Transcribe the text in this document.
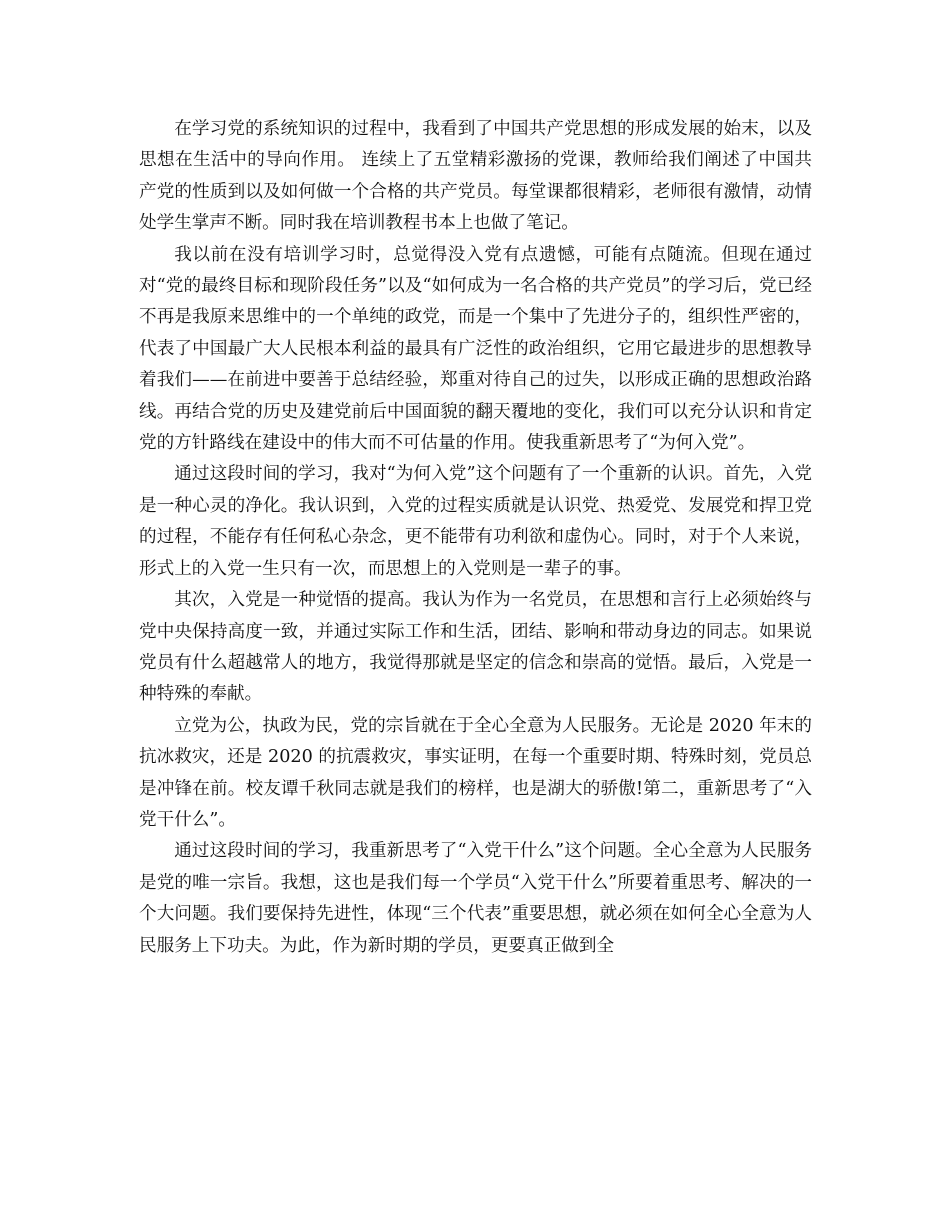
在学习党的系统知识的过程中，我看到了中国共产党思想的形成发展的始末，以及思想在生活中的导向作用。 连续上了五堂精彩激扬的党课，教师给我们阐述了中国共产党的性质到以及如何做一个合格的共产党员。每堂课都很精彩，老师很有激情，动情处学生掌声不断。同时我在培训教程书本上也做了笔记。

我以前在没有培训学习时，总觉得没入党有点遗憾，可能有点随流。但现在通过对“党的最终目标和现阶段任务”以及“如何成为一名合格的共产党员”的学习后，党已经不再是我原来思维中的一个单纯的政党，而是一个集中了先进分子的，组织性严密的，代表了中国最广大人民根本利益的最具有广泛性的政治组织，它用它最进步的思想教导着我们——在前进中要善于总结经验，郑重对待自己的过失，以形成正确的思想政治路线。再结合党的历史及建党前后中国面貌的翻天覆地的变化，我们可以充分认识和肯定党的方针路线在建设中的伟大而不可估量的作用。使我重新思考了“为何入党”。

通过这段时间的学习，我对“为何入党”这个问题有了一个重新的认识。首先，入党是一种心灵的净化。我认识到，入党的过程实质就是认识党、热爱党、发展党和捍卫党的过程，不能存有任何私心杂念，更不能带有功利欲和虚伪心。同时，对于个人来说，形式上的入党一生只有一次，而思想上的入党则是一辈子的事。

其次，入党是一种觉悟的提高。我认为作为一名党员，在思想和言行上必须始终与党中央保持高度一致，并通过实际工作和生活，团结、影响和带动身边的同志。如果说党员有什么超越常人的地方，我觉得那就是坚定的信念和崇高的觉悟。最后，入党是一种特殊的奉献。

立党为公，执政为民，党的宗旨就在于全心全意为人民服务。无论是 2020 年末的抗冰救灾，还是 2020 的抗震救灾，事实证明，在每一个重要时期、特殊时刻，党员总是冲锋在前。校友谭千秋同志就是我们的榜样，也是湖大的骄傲!第二，重新思考了“入党干什么”。

通过这段时间的学习，我重新思考了“入党干什么”这个问题。全心全意为人民服务是党的唯一宗旨。我想，这也是我们每一个学员“入党干什么”所要着重思考、解决的一个大问题。我们要保持先进性，体现“三个代表”重要思想，就必须在如何全心全意为人民服务上下功夫。为此，作为新时期的学员，更要真正做到全
